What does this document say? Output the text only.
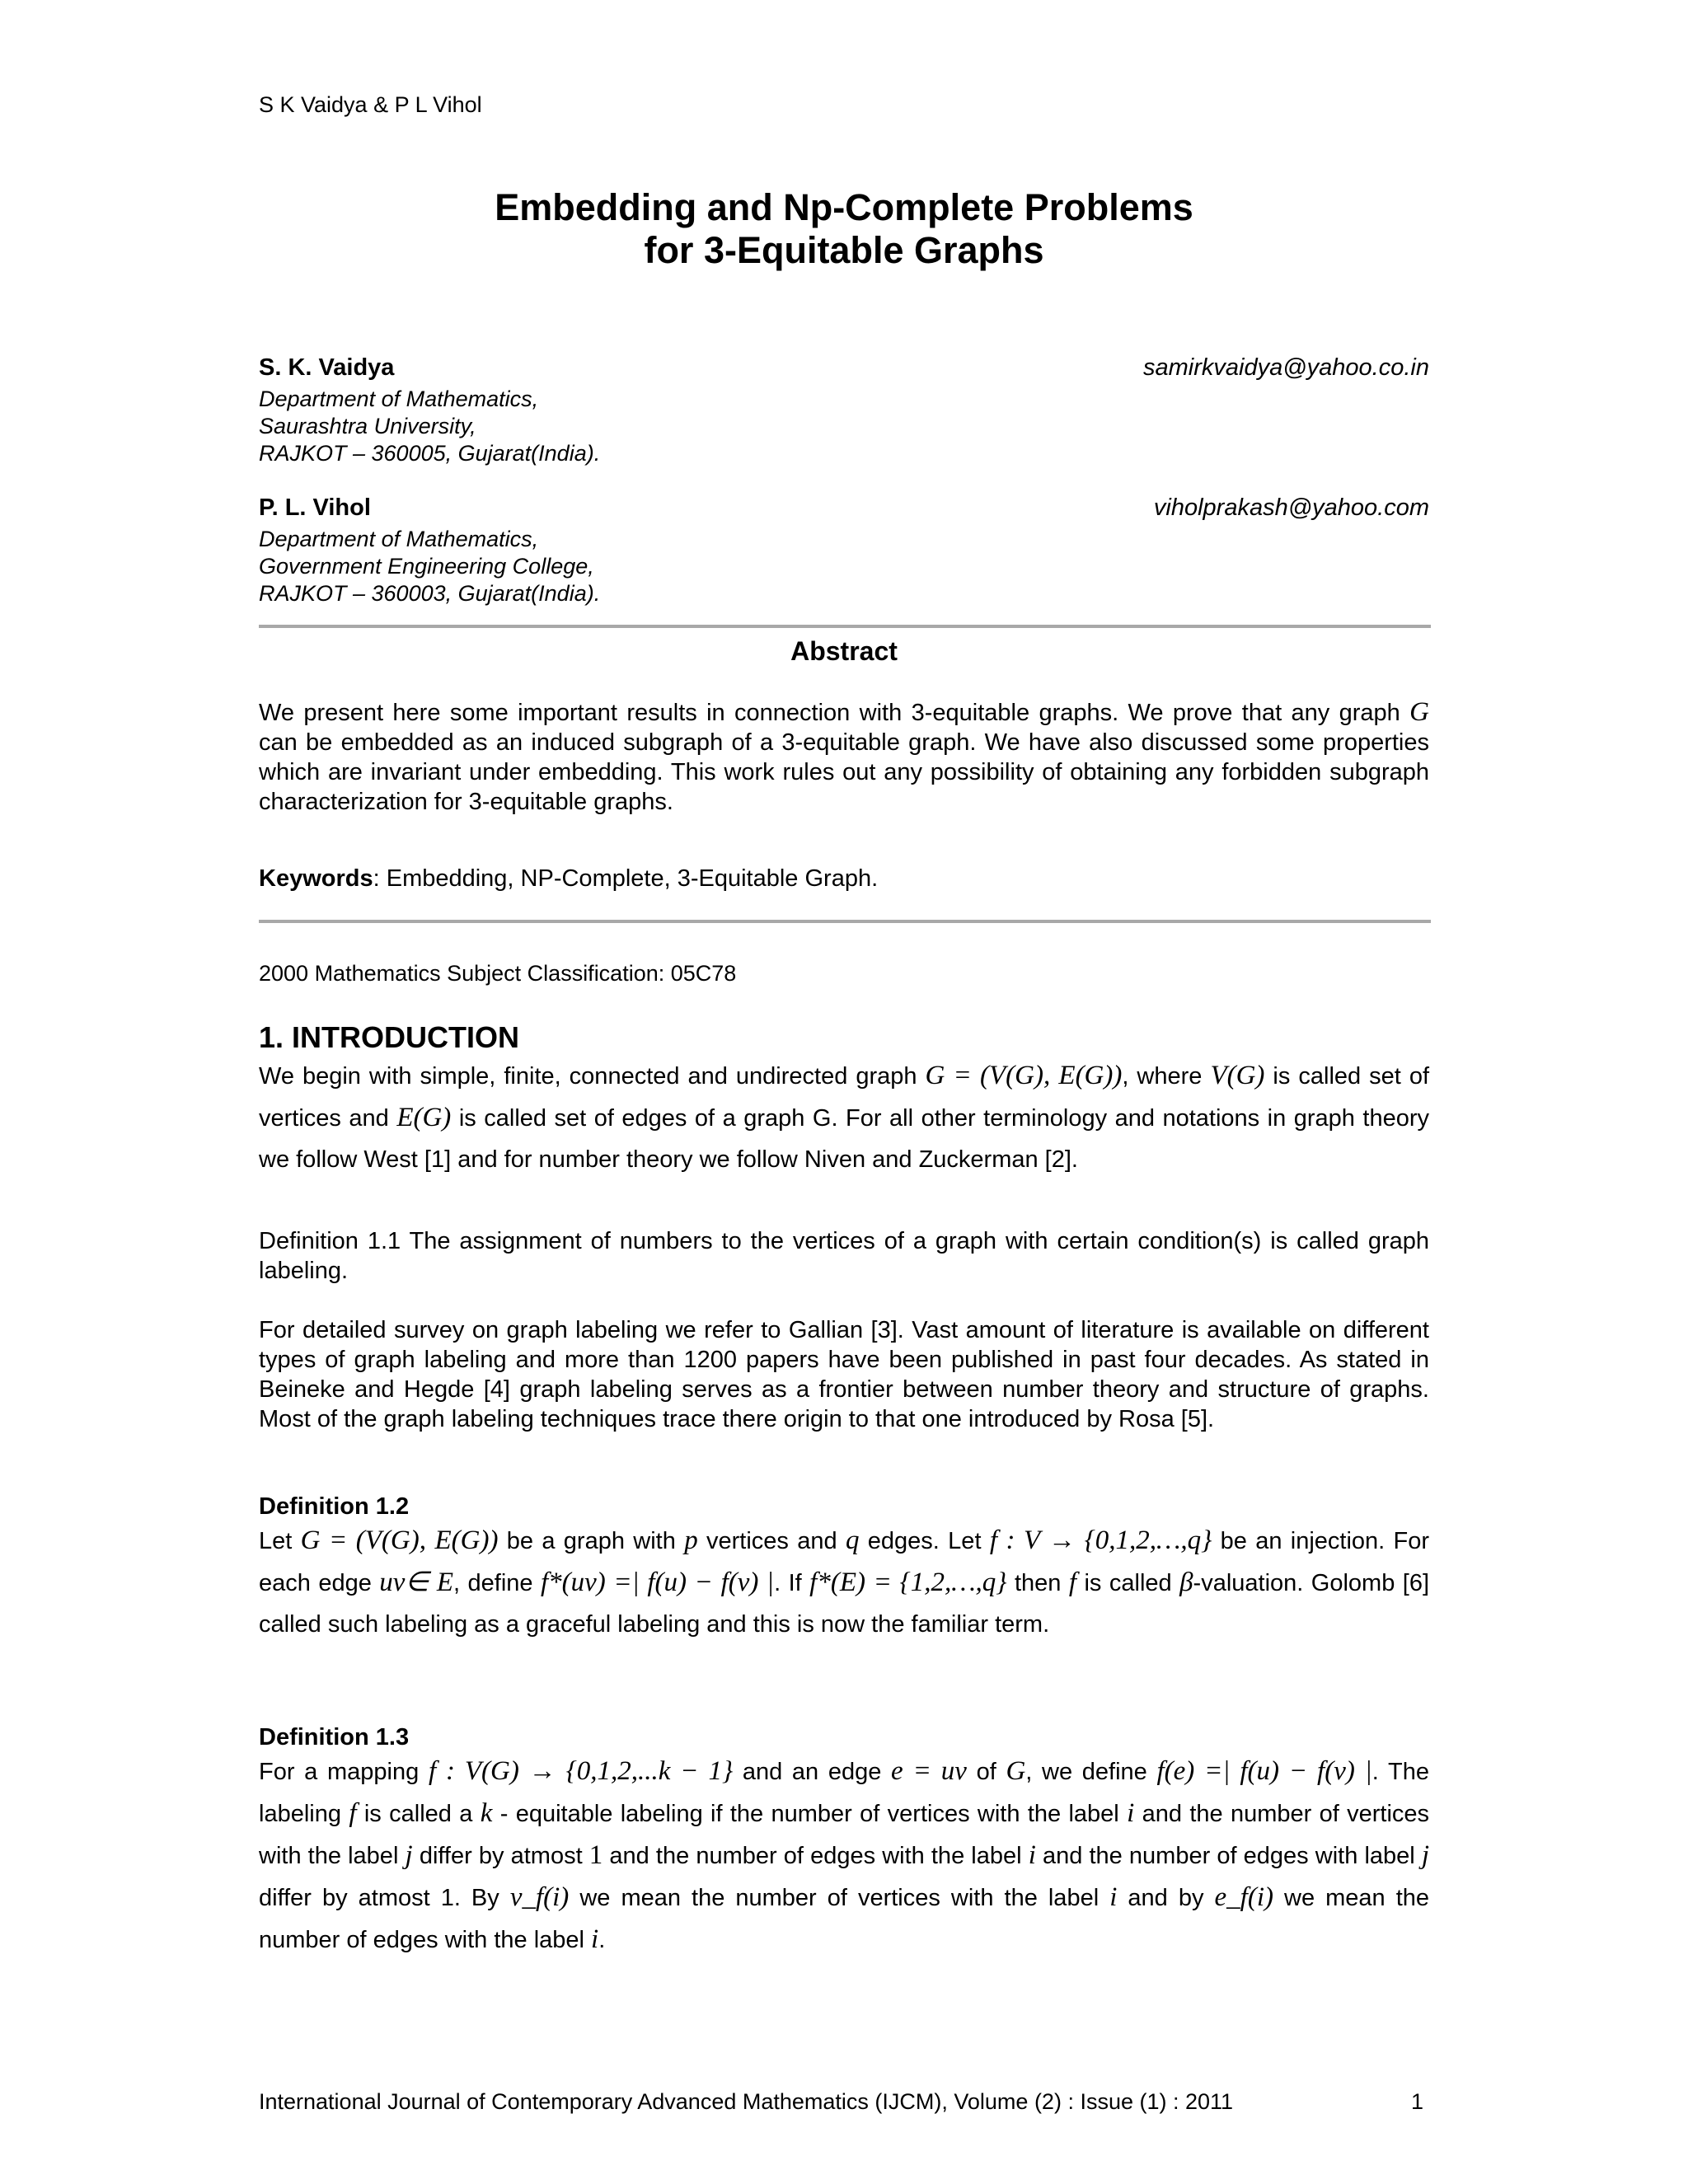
S K Vaidya & P L Vihol
Embedding and Np-Complete Problems
for 3-Equitable Graphs
S. K. Vaidya	samirkvaidya@yahoo.co.in
Department of Mathematics,
Saurashtra University,
RAJKOT – 360005, Gujarat(India).
P. L. Vihol	viholprakash@yahoo.com
Department of Mathematics,
Government Engineering College,
RAJKOT – 360003, Gujarat(India).
Abstract

We present here some important results in connection with 3-equitable graphs. We prove that any graph G can be embedded as an induced subgraph of a 3-equitable graph. We have also discussed some properties which are invariant under embedding. This work rules out any possibility of obtaining any forbidden subgraph characterization for 3-equitable graphs.

Keywords: Embedding, NP-Complete, 3-Equitable Graph.

2000 Mathematics Subject Classification: 05C78
1. INTRODUCTION

We begin with simple, finite, connected and undirected graph G = (V(G), E(G)), where V(G) is called set of vertices and E(G) is called set of edges of a graph G. For all other terminology and notations in graph theory we follow West [1] and for number theory we follow Niven and Zuckerman [2].

Definition 1.1 The assignment of numbers to the vertices of a graph with certain condition(s) is called graph labeling.

For detailed survey on graph labeling we refer to Gallian [3]. Vast amount of literature is available on different types of graph labeling and more than 1200 papers have been published in past four decades. As stated in Beineke and Hegde [4] graph labeling serves as a frontier between number theory and structure of graphs. Most of the graph labeling techniques trace there origin to that one introduced by Rosa [5].

Definition 1.2

Let G = (V(G), E(G)) be a graph with p vertices and q edges. Let f : V → {0,1,2,…,q} be an injection. For each edge uv∈ E, define f*(uv) =| f(u) − f(v) |. If f*(E) = {1,2,…,q} then f is called β-valuation. Golomb [6] called such labeling as a graceful labeling and this is now the familiar term.

Definition 1.3

For a mapping f : V(G) → {0,1,2,...k − 1} and an edge e = uv of G, we define f(e) =| f(u) − f(v) |. The labeling f is called a k - equitable labeling if the number of vertices with the label i and the number of vertices with the label j differ by atmost 1 and the number of edges with the label i and the number of edges with label j differ by atmost 1. By v_f(i) we mean the number of vertices with the label i and by e_f(i) we mean the number of edges with the label i.

International Journal of Contemporary Advanced Mathematics (IJCM), Volume (2) : Issue (1) : 2011	1
